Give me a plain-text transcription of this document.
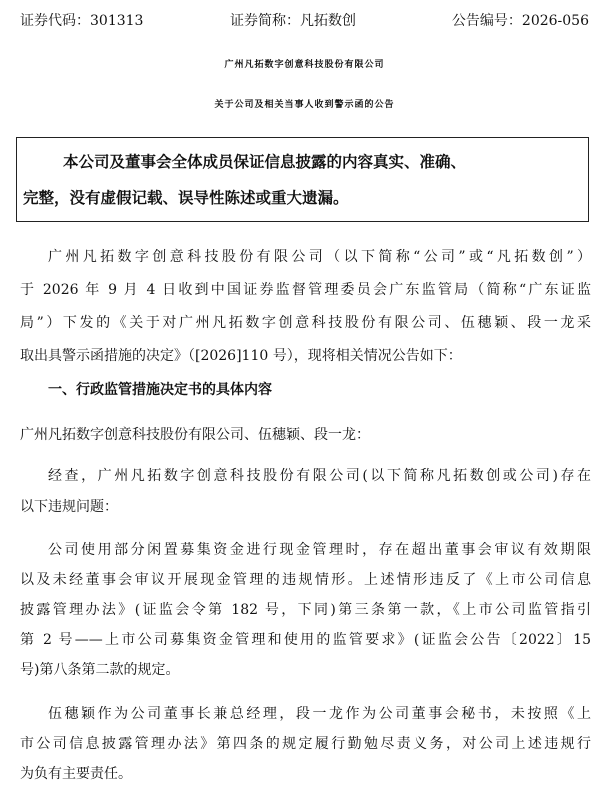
证券代码：301313	证券简称：凡拓数创	公告编号：2026-056
广州凡拓数字创意科技股份有限公司
关于公司及相关当事人收到警示函的公告
本公司及董事会全体成员保证信息披露的内容真实、准确、
完整，没有虚假记载、误导性陈述或重大遗漏。
广州凡拓数字创意科技股份有限公司（以下简称“公司”或“凡拓数创”）
于 2026 年 9 月 4 日收到中国证券监督管理委员会广东监管局（简称“广东证监
局”）下发的《关于对广州凡拓数字创意科技股份有限公司、伍穗颖、段一龙采
取出具警示函措施的决定》（[2026]110 号），现将相关情况公告如下：
一、行政监管措施决定书的具体内容
广州凡拓数字创意科技股份有限公司、伍穗颖、段一龙：
经查，广州凡拓数字创意科技股份有限公司(以下简称凡拓数创或公司)存在
以下违规问题：
公司使用部分闲置募集资金进行现金管理时，存在超出董事会审议有效期限
以及未经董事会审议开展现金管理的违规情形。上述情形违反了《上市公司信息
披露管理办法》(证监会令第 182 号，下同)第三条第一款，《上市公司监管指引
第 2 号——上市公司募集资金管理和使用的监管要求》(证监会公告〔2022〕15
号)第八条第二款的规定。
伍穗颖作为公司董事长兼总经理，段一龙作为公司董事会秘书，未按照《上
市公司信息披露管理办法》第四条的规定履行勤勉尽责义务，对公司上述违规行
为负有主要责任。
